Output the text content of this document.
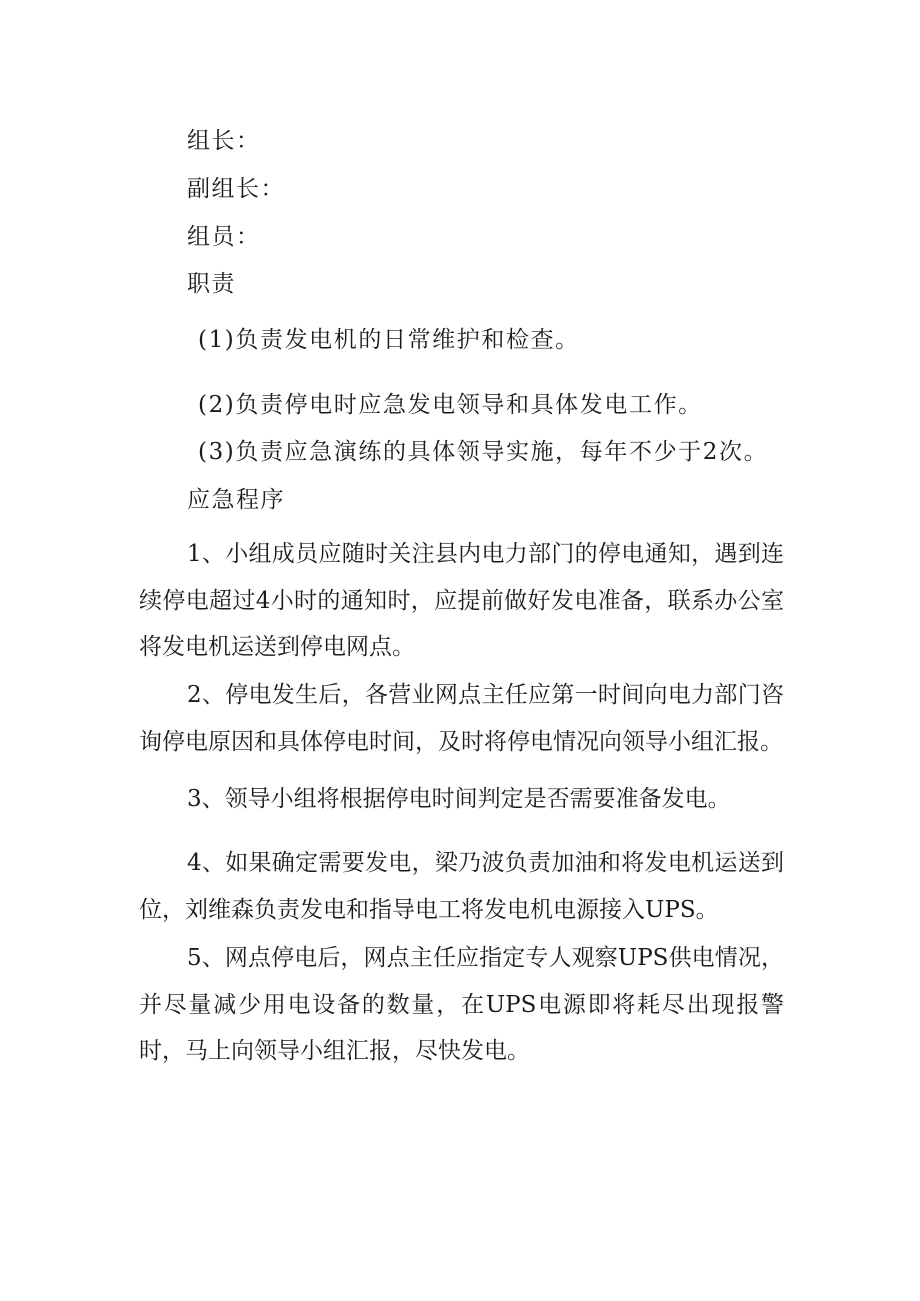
组长：
副组长：
组员：
职责
(1)负责发电机的日常维护和检查。
(2)负责停电时应急发电领导和具体发电工作。
(3)负责应急演练的具体领导实施，每年不少于2次。
应急程序

1、小组成员应随时关注县内电力部门的停电通知，遇到连续停电超过4小时的通知时，应提前做好发电准备，联系办公室将发电机运送到停电网点。

2、停电发生后，各营业网点主任应第一时间向电力部门咨询停电原因和具体停电时间，及时将停电情况向领导小组汇报。

3、领导小组将根据停电时间判定是否需要准备发电。

4、如果确定需要发电，梁乃波负责加油和将发电机运送到位，刘维森负责发电和指导电工将发电机电源接入UPS。

5、网点停电后，网点主任应指定专人观察UPS供电情况，并尽量减少用电设备的数量，在UPS电源即将耗尽出现报警时，马上向领导小组汇报，尽快发电。
